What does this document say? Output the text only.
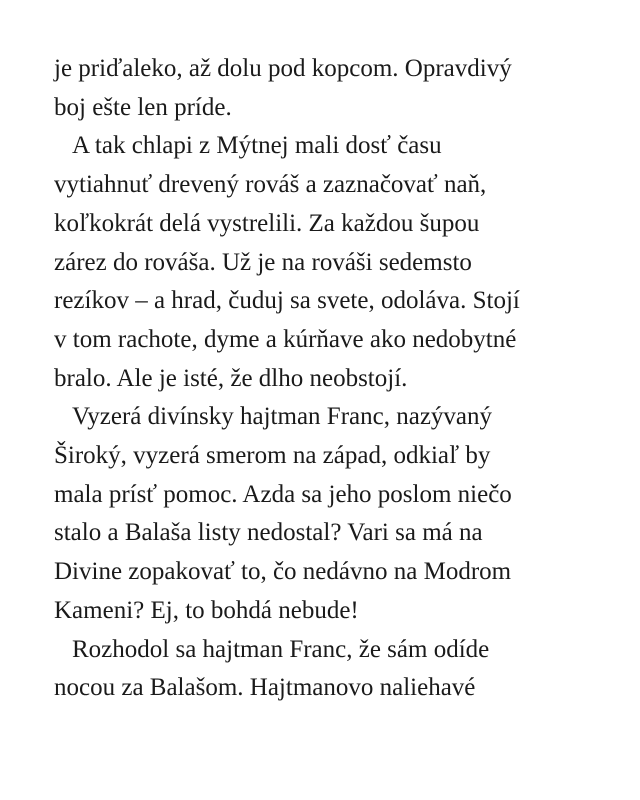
je priďaleko, až dolu pod kopcom. Opravdivý
boj ešte len príde.
A tak chlapi z Mýtnej mali dosť času
vytiahnuť drevený rováš a zaznačovať naň,
koľkokrát delá vystrelili. Za každou šupou
zárez do rováša. Už je na rováši sedemsto
rezíkov – a hrad, čuduj sa svete, odoláva. Stojí
v tom rachote, dyme a kúrňave ako nedobytné
bralo. Ale je isté, že dlho neobstojí.
Vyzerá divínsky hajtman Franc, nazývaný
Široký, vyzerá smerom na západ, odkiaľ by
mala prísť pomoc. Azda sa jeho poslom niečo
stalo a Balaša listy nedostal? Vari sa má na
Divine zopakovať to, čo nedávno na Modrom
Kameni? Ej, to bohdá nebude!
Rozhodol sa hajtman Franc, že sám odíde
nocou za Balašom. Hajtmanovo naliehavé
